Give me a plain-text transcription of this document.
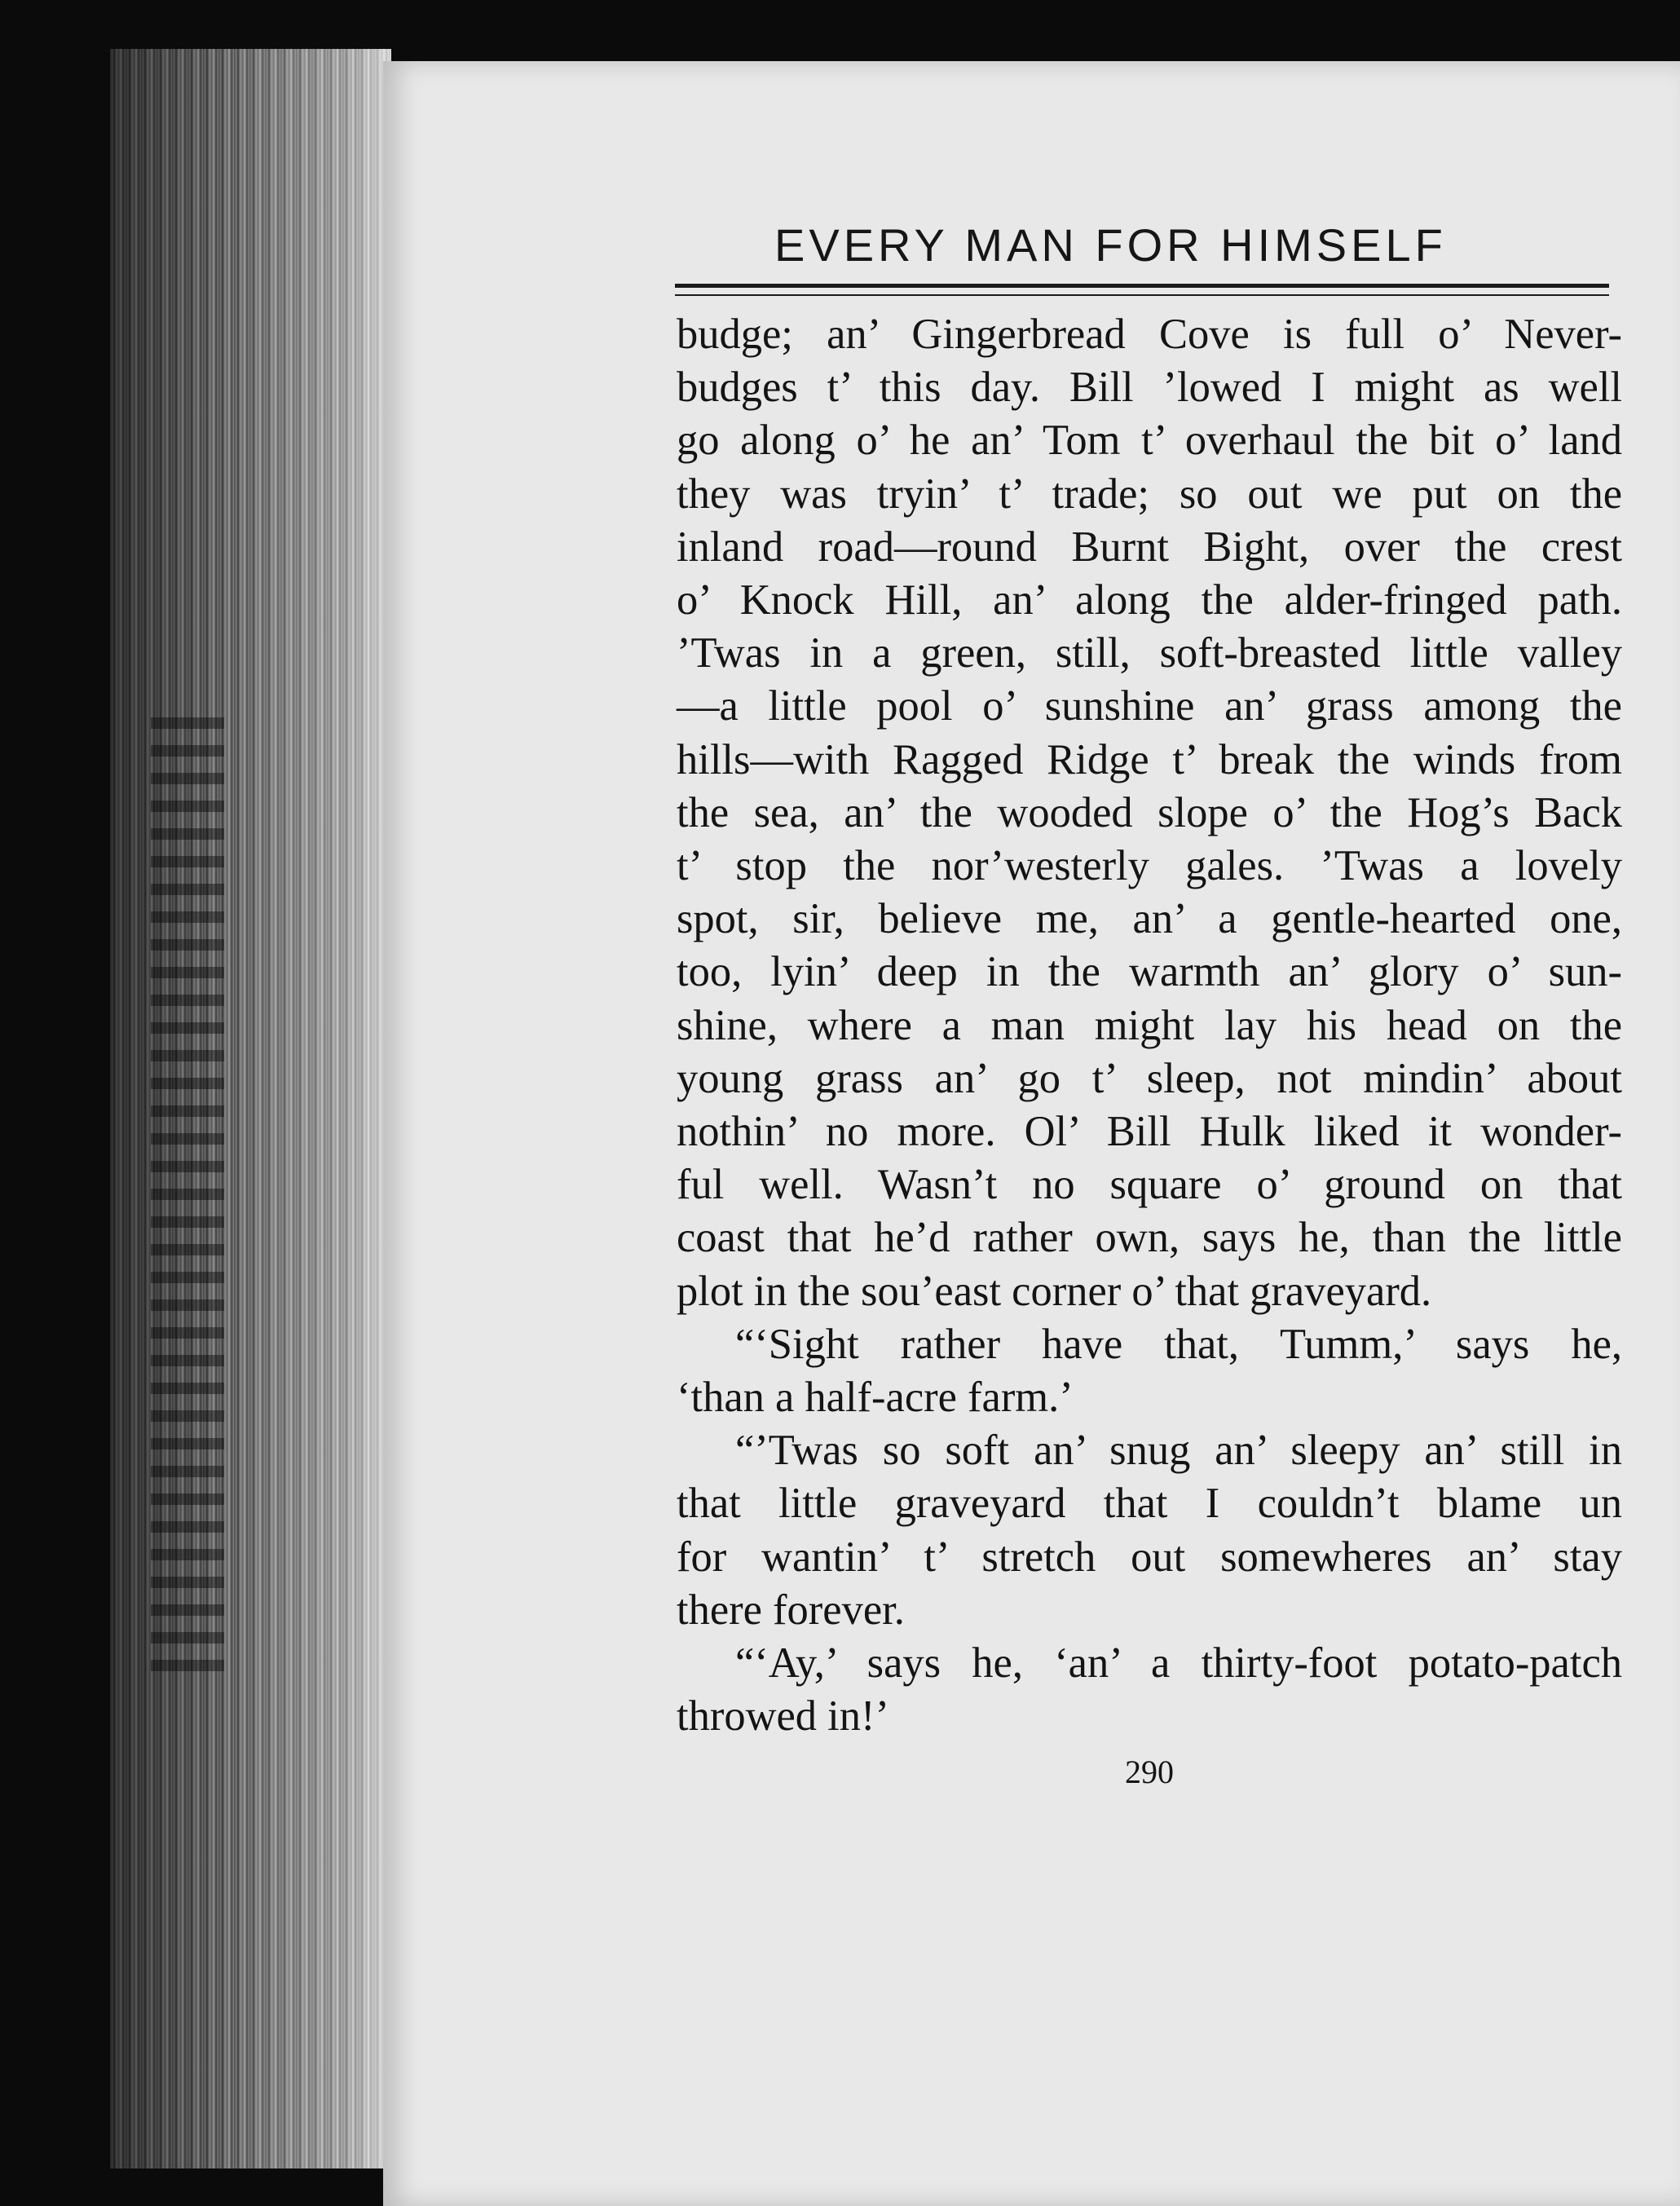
EVERY MAN FOR HIMSELF
budge; an’ Gingerbread Cove is full o’ Never-
budges t’ this day. Bill ’lowed I might as well
go along o’ he an’ Tom t’ overhaul the bit o’ land
they was tryin’ t’ trade; so out we put on the
inland road—round Burnt Bight, over the crest
o’ Knock Hill, an’ along the alder-fringed path.
’Twas in a green, still, soft-breasted little valley
—a little pool o’ sunshine an’ grass among the
hills—with Ragged Ridge t’ break the winds from
the sea, an’ the wooded slope o’ the Hog’s Back
t’ stop the nor’westerly gales. ’Twas a lovely
spot, sir, believe me, an’ a gentle-hearted one,
too, lyin’ deep in the warmth an’ glory o’ sun-
shine, where a man might lay his head on the
young grass an’ go t’ sleep, not mindin’ about
nothin’ no more. Ol’ Bill Hulk liked it wonder-
ful well. Wasn’t no square o’ ground on that
coast that he’d rather own, says he, than the little
plot in the sou’east corner o’ that graveyard.
“‘Sight rather have that, Tumm,’ says he,
‘than a half-acre farm.’
“’Twas so soft an’ snug an’ sleepy an’ still in
that little graveyard that I couldn’t blame un
for wantin’ t’ stretch out somewheres an’ stay
there forever.
“‘Ay,’ says he, ‘an’ a thirty-foot potato-patch
throwed in!’
290
